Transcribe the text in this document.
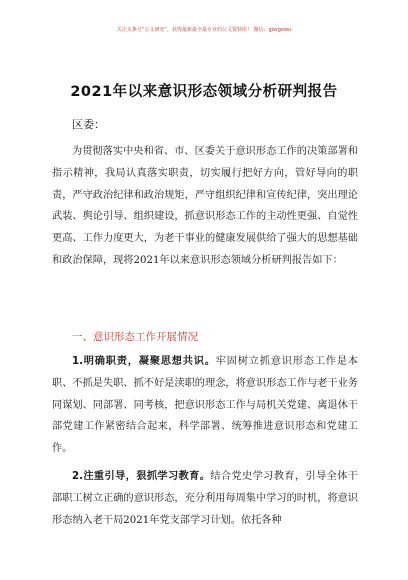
关注头条号“公文研究”，获得最新最全最专业的公文资料库！ 微信：govgowu
2021年以来意识形态领域分析研判报告
区委：

为贯彻落实中央和省、市、区委关于意识形态工作的决策部署和指示精神，我局认真落实职责，切实履行把好方向，管好导向的职责，严守政治纪律和政治规矩，严守组织纪律和宣传纪律，突出理论武装、舆论引导、组织建设，抓意识形态工作的主动性更强、自觉性更高、工作力度更大，为老干事业的健康发展供给了强大的思想基础和政治保障，现将2021年以来意识形态领域分析研判报告如下：

一、意识形态工作开展情况

1.明确职责，凝聚思想共识。牢固树立抓意识形态工作是本职、不抓是失职、抓不好是渎职的理念，将意识形态工作与老干业务同谋划、同部署、同考核，把意识形态工作与局机关党建、离退休干部党建工作紧密结合起来，科学部署、统筹推进意识形态和党建工作。

2.注重引导，狠抓学习教育。结合党史学习教育，引导全体干部职工树立正确的意识形态，充分利用每周集中学习的时机，将意识形态纳入老干局2021年党支部学习计划。依托各种
